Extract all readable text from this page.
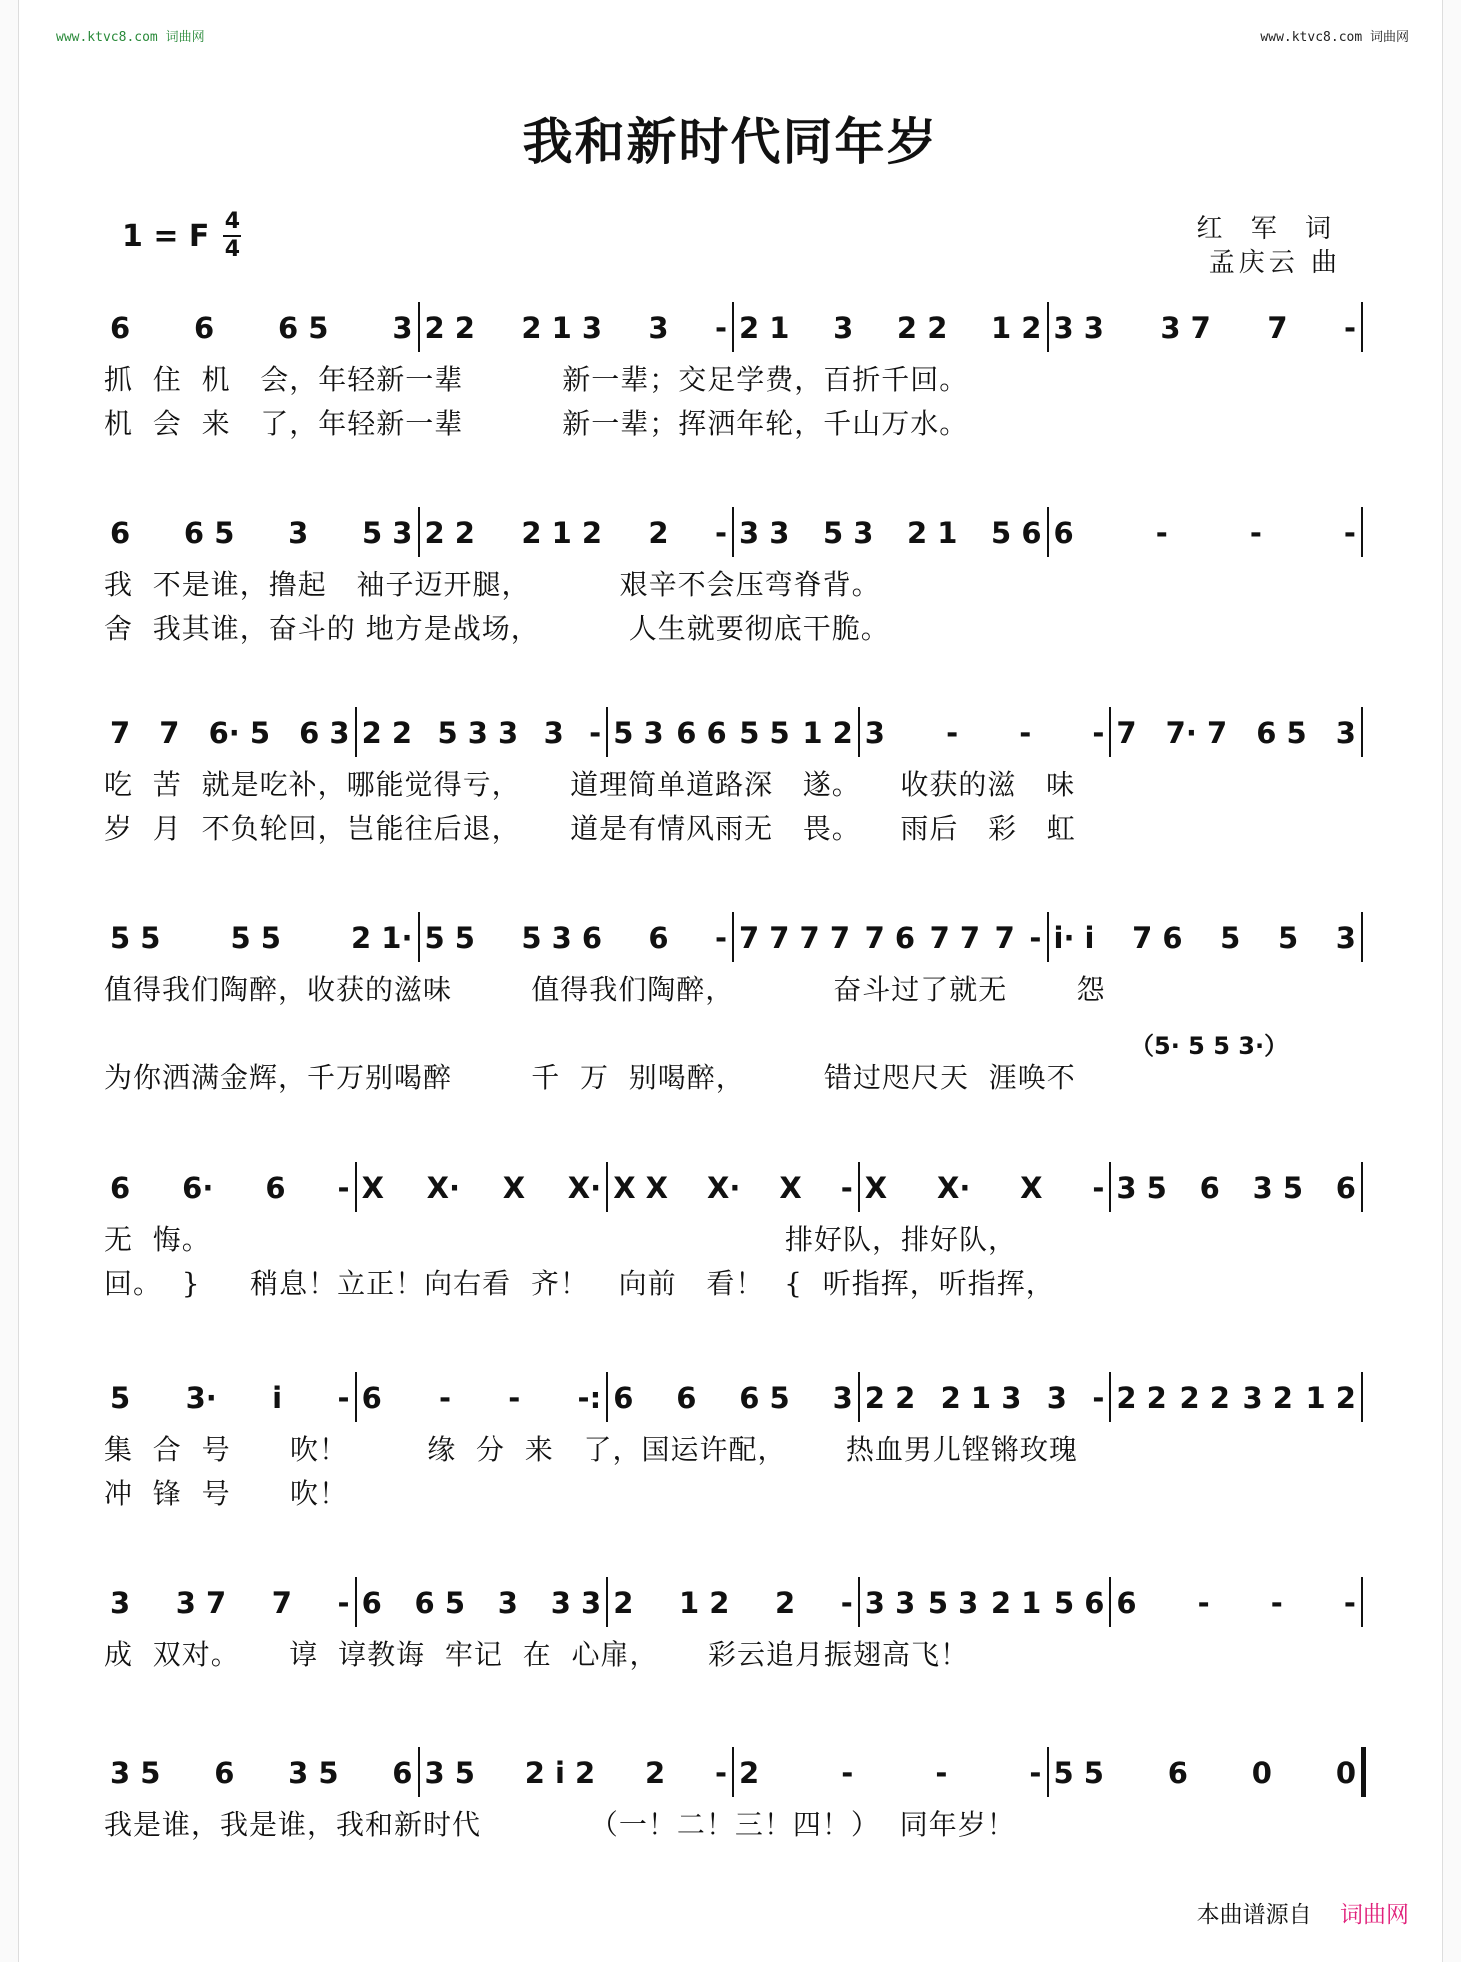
www.ktvc8.com 词曲网	www.ktvc8.com 词曲网
我和新时代同年岁
1 = F $\frac{4}{4}$	红 军 词
孟庆云 曲
6 6 6 5 3 2 2 2 1 3 3 - 2 1 3 2 2 1 2 3 3 3 7 7 -
抓  住  机   会，年轻新一辈          新一辈；交足学费，百折千回。
机  会  来   了，年轻新一辈          新一辈；挥洒年轮，千山万水。
6 6 5 3 5 3 2 2 2 1 2 2 - 3 3 5 3 2 1 5 6 6	-	-	-
我  不是谁，撸起   袖子迈开腿，         艰辛不会压弯脊背。
舍  我其谁，奋斗的 地方是战场，         人生就要彻底干脆。
7 7 6· 5 6 3 2 2 5 3 3 3 - 5 3 6 6 5 5 1 2 3 - - - 7 7· 7 6 5 3
吃  苦  就是吃补，哪能觉得亏，     道理简单道路深   遂。    收获的滋   味
岁  月  不负轮回，岂能往后退，     道是有情风雨无   畏。    雨后   彩   虹
5 5 5 5 2 1· 5 5 5 3 6 6 - 7 7 7 7 7 6 7 7 7 - i· i 7 6 5 5 3
（5· 5 5 3·）
值得我们陶醉，收获的滋味        值得我们陶醉，          奋斗过了就无       怨
为你洒满金辉，千万别喝醉        千  万  别喝醉，        错过咫尺天  涯唤不
6 6· 6 - X X· X X· X X X· X - X X· X - 3 5 6 3 5 6
无  悔。                                                          排好队，排好队，
回。  }     稍息！立正！向右看  齐！   向前   看！  {  听指挥，听指挥，
5 3· i - 6 - - -: 6 6 6 5 3 2 2 2 1 3 3 - 2 2 2 2 3 2 1 2
集  合  号      吹！        缘  分  来   了，国运许配，      热血男儿铿锵玫瑰
冲  锋  号      吹！
3 3 7 7 - 6 6 5 3 3 3 2 1 2 2 - 3 3 5 3 2 1 5 6 6 - - -
成  双对。     谆  谆教诲  牢记  在  心扉，     彩云追月振翅高飞！
3 5 6 3 5 6 3 5 2 i 2 2 - 2	-	-	- 5 5 6 0 0
我是谁，我是谁，我和新时代           （一！二！三！四！）  同年岁！
本曲谱源自 词曲网
